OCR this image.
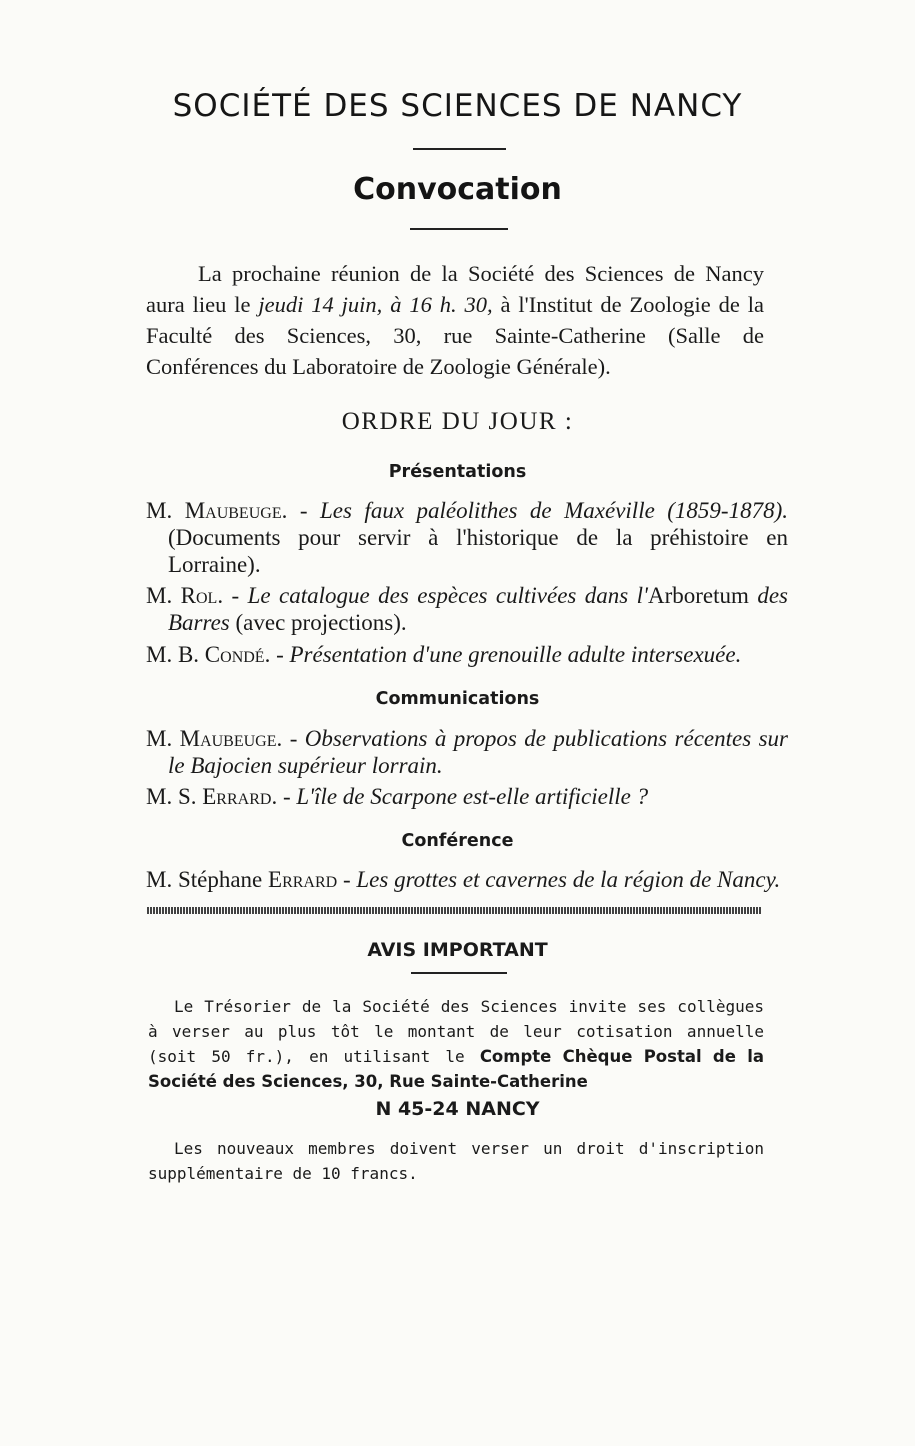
SOCIÉTÉ DES SCIENCES DE NANCY
Convocation

La prochaine réunion de la Société des Sciences de Nancy aura lieu le jeudi 14 juin, à 16 h. 30, à l'Institut de Zoologie de la Faculté des Sciences, 30, rue Sainte-Catherine (Salle de Conférences du Laboratoire de Zoologie Générale).

ORDRE DU JOUR :
Présentations
M. Maubeuge. - Les faux paléolithes de Maxéville (1859-1878). (Documents pour servir à l'historique de la préhistoire en Lorraine).
M. Rol. - Le catalogue des espèces cultivées dans l'Arboretum des Barres (avec projections).
M. B. Condé. - Présentation d'une grenouille adulte intersexuée.
Communications
M. Maubeuge. - Observations à propos de publications récentes sur le Bajocien supérieur lorrain.
M. S. Errard. - L'île de Scarpone est-elle artificielle ?
Conférence
M. Stéphane Errard - Les grottes et cavernes de la région de Nancy.
AVIS IMPORTANT

Le Trésorier de la Société des Sciences invite ses collègues à verser au plus tôt le montant de leur cotisation annuelle (soit 50 fr.), en utilisant le Compte Chèque Postal de la Société des Sciences, 30, Rue Sainte-Catherine

N 45-24 NANCY

Les nouveaux membres doivent verser un droit d'inscription supplémentaire de 10 francs.
